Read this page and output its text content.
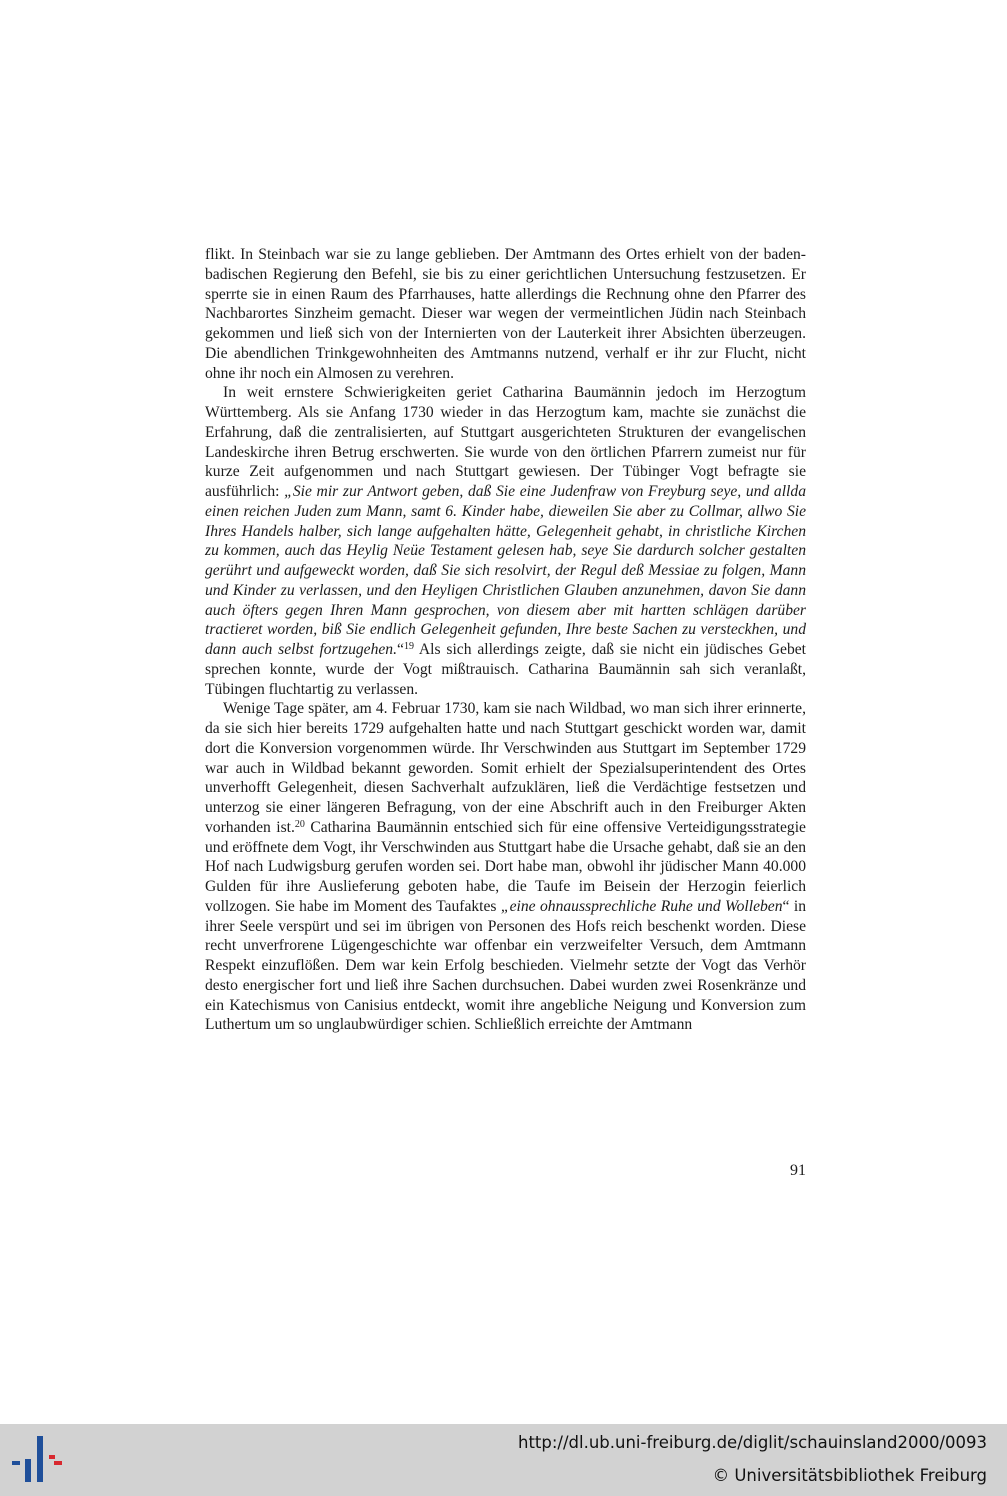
flikt. In Steinbach war sie zu lange geblieben. Der Amtmann des Ortes erhielt von der baden-badischen Regierung den Befehl, sie bis zu einer gerichtlichen Untersuchung festzusetzen. Er sperrte sie in einen Raum des Pfarrhauses, hatte allerdings die Rechnung ohne den Pfarrer des Nachbarortes Sinzheim gemacht. Dieser war wegen der vermeintlichen Jüdin nach Steinbach gekommen und ließ sich von der Internierten von der Lauterkeit ihrer Absichten überzeugen. Die abendlichen Trinkgewohnheiten des Amtmanns nutzend, verhalf er ihr zur Flucht, nicht ohne ihr noch ein Almosen zu verehren.

In weit ernstere Schwierigkeiten geriet Catharina Baumännin jedoch im Herzogtum Württemberg. Als sie Anfang 1730 wieder in das Herzogtum kam, machte sie zunächst die Erfahrung, daß die zentralisierten, auf Stuttgart ausgerichteten Strukturen der evangelischen Landeskirche ihren Betrug erschwerten. Sie wurde von den örtlichen Pfarrern zumeist nur für kurze Zeit aufgenommen und nach Stuttgart gewiesen. Der Tübinger Vogt befragte sie ausführlich: „Sie mir zur Antwort geben, daß Sie eine Judenfraw von Freyburg seye, und allda einen reichen Juden zum Mann, samt 6. Kinder habe, dieweilen Sie aber zu Collmar, allwo Sie Ihres Handels halber, sich lange aufgehalten hätte, Gelegenheit gehabt, in christliche Kirchen zu kommen, auch das Heylig Neüe Testament gelesen hab, seye Sie dardurch solcher gestalten gerührt und aufgeweckt worden, daß Sie sich resolvirt, der Regul deß Messiae zu folgen, Mann und Kinder zu verlassen, und den Heyligen Christlichen Glauben anzunehmen, davon Sie dann auch öfters gegen Ihren Mann gesprochen, von diesem aber mit hartten schlägen darüber tractieret worden, biß Sie endlich Gelegenheit gefunden, Ihre beste Sachen zu versteckhen, und dann auch selbst fortzugehen.“$^{19}$ Als sich allerdings zeigte, daß sie nicht ein jüdisches Gebet sprechen konnte, wurde der Vogt mißtrauisch. Catharina Baumännin sah sich veranlaßt, Tübingen fluchtartig zu verlassen.

Wenige Tage später, am 4. Februar 1730, kam sie nach Wildbad, wo man sich ihrer erinnerte, da sie sich hier bereits 1729 aufgehalten hatte und nach Stuttgart geschickt worden war, damit dort die Konversion vorgenommen würde. Ihr Verschwinden aus Stuttgart im September 1729 war auch in Wildbad bekannt geworden. Somit erhielt der Spezialsuperintendent des Ortes unverhofft Gelegenheit, diesen Sachverhalt aufzuklären, ließ die Verdächtige festsetzen und unterzog sie einer längeren Befragung, von der eine Abschrift auch in den Freiburger Akten vorhanden ist.$^{20}$ Catharina Baumännin entschied sich für eine offensive Verteidigungsstrategie und eröffnete dem Vogt, ihr Verschwinden aus Stuttgart habe die Ursache gehabt, daß sie an den Hof nach Ludwigsburg gerufen worden sei. Dort habe man, obwohl ihr jüdischer Mann 40.000 Gulden für ihre Auslieferung geboten habe, die Taufe im Beisein der Herzogin feierlich vollzogen. Sie habe im Moment des Taufaktes „eine ohnaussprechliche Ruhe und Wolleben“ in ihrer Seele verspürt und sei im übrigen von Personen des Hofs reich beschenkt worden. Diese recht unverfrorene Lügengeschichte war offenbar ein verzweifelter Versuch, dem Amtmann Respekt einzuflößen. Dem war kein Erfolg beschieden. Vielmehr setzte der Vogt das Verhör desto energischer fort und ließ ihre Sachen durchsuchen. Dabei wurden zwei Rosenkränze und ein Katechismus von Canisius entdeckt, womit ihre angebliche Neigung und Konversion zum Luthertum um so unglaubwürdiger schien. Schließlich erreichte der Amtmann

91
http://dl.ub.uni-freiburg.de/diglit/schauinsland2000/0093
© Universitätsbibliothek Freiburg
